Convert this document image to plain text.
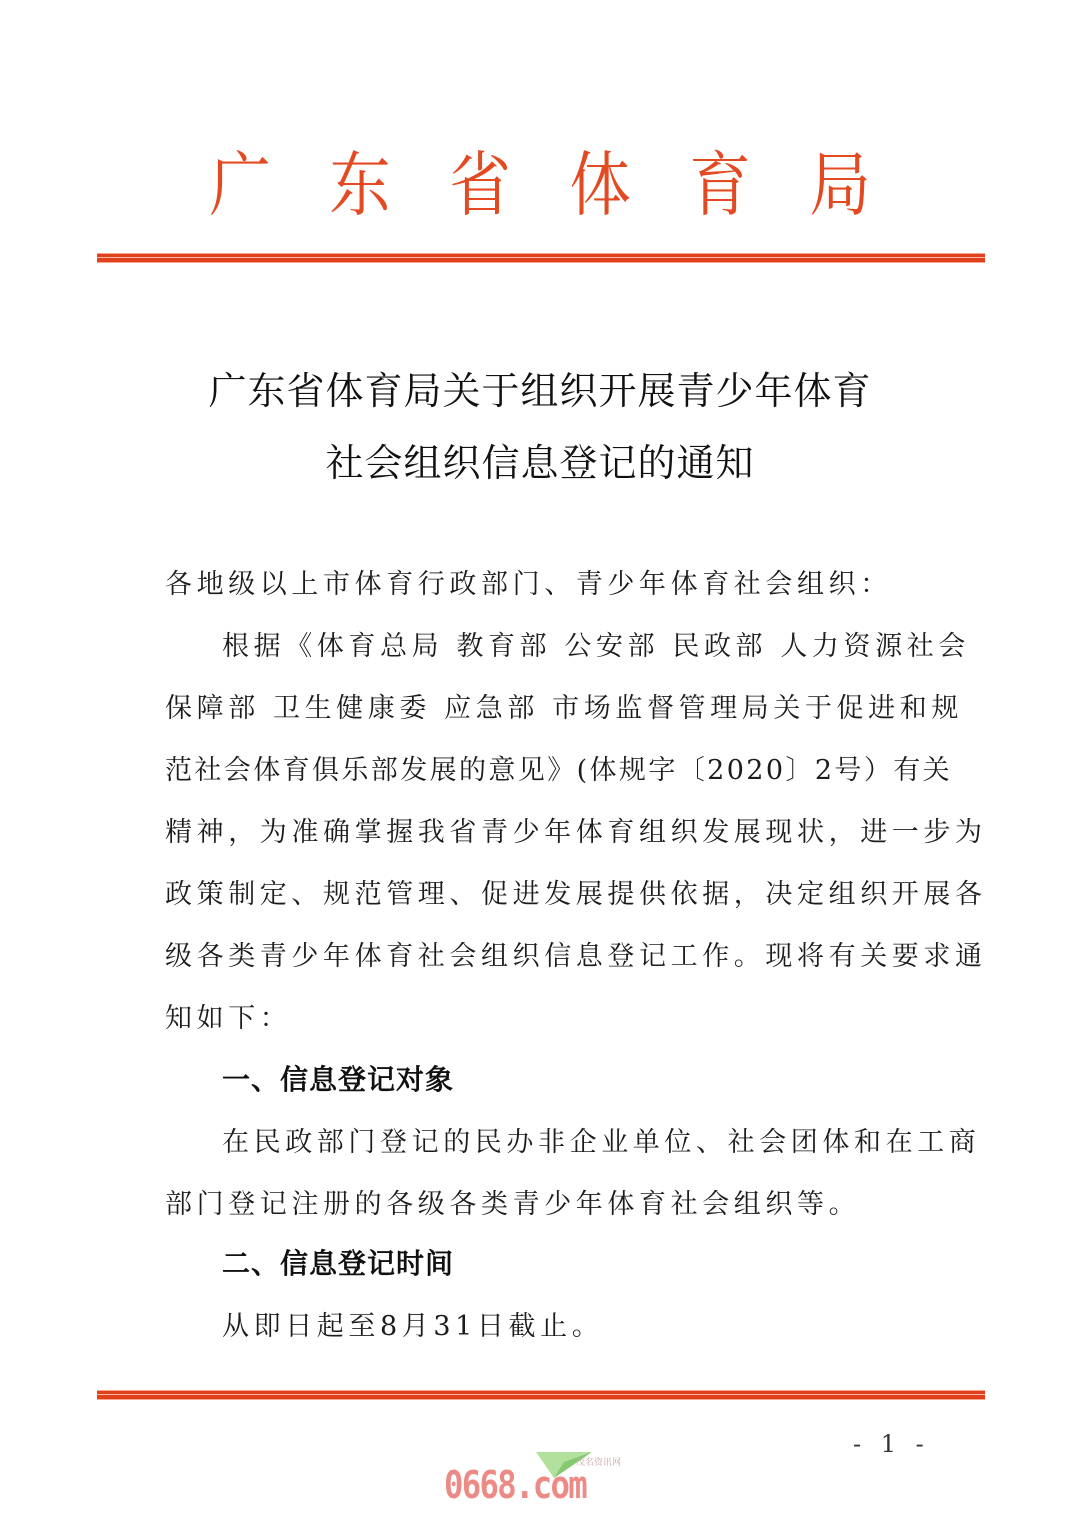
广 东 省 体 育 局
广东省体育局关于组织开展青少年体育
社会组织信息登记的通知
各地级以上市体育行政部门、青少年体育社会组织：
根据《体育总局 教育部 公安部 民政部 人力资源社会
保障部 卫生健康委 应急部 市场监督管理局关于促进和规
范社会体育俱乐部发展的意见》(体规字〔2020〕2号）有关
精神，为准确掌握我省青少年体育组织发展现状，进一步为
政策制定、规范管理、促进发展提供依据，决定组织开展各
级各类青少年体育社会组织信息登记工作。现将有关要求通
知如下：
一、信息登记对象
在民政部门登记的民办非企业单位、社会团体和在工商
部门登记注册的各级各类青少年体育社会组织等。
二、信息登记时间
从即日起至8月31日截止。
- 1 -
茂名资讯网
0668.com
